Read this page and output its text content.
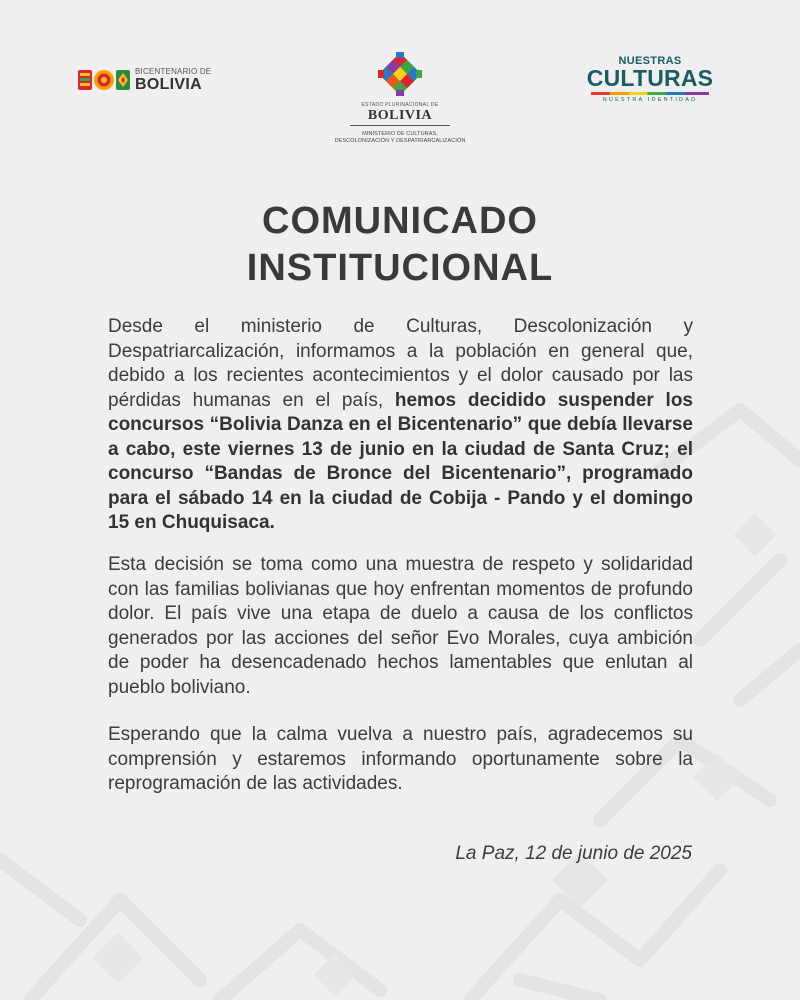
BICENTENARIO DE
BOLIVIA
ESTADO PLURINACIONAL DE
BOLIVIA
MINISTERIO DE CULTURAS,
DESCOLONIZACIÓN Y DESPATRIARCALIZACIÓN
NUESTRAS
CULTURAS
NUESTRA IDENTIDAD
COMUNICADO
INSTITUCIONAL

Desde el ministerio de Culturas, Descolonización y Despatriarcalización, informamos a la población en general que, debido a los recientes acontecimientos y el dolor causado por las pérdidas humanas en el país, hemos decidido suspender los concursos “Bolivia Danza en el Bicentenario” que debía llevarse a cabo, este viernes 13 de junio en la ciudad de Santa Cruz; el concurso “Bandas de Bronce del Bicentenario”, programado para el sábado 14 en la ciudad de Cobija - Pando y el domingo 15 en Chuquisaca.

Esta decisión se toma como una muestra de respeto y solidaridad con las familias bolivianas que hoy enfrentan momentos de profundo dolor. El país vive una etapa de duelo a causa de los conflictos generados por las acciones del señor Evo Morales, cuya ambición de poder ha desencadenado hechos lamentables que enlutan al pueblo boliviano.

Esperando que la calma vuelva a nuestro país, agradecemos su comprensión y estaremos informando oportunamente sobre la reprogramación de las actividades.

La Paz, 12 de junio de 2025
